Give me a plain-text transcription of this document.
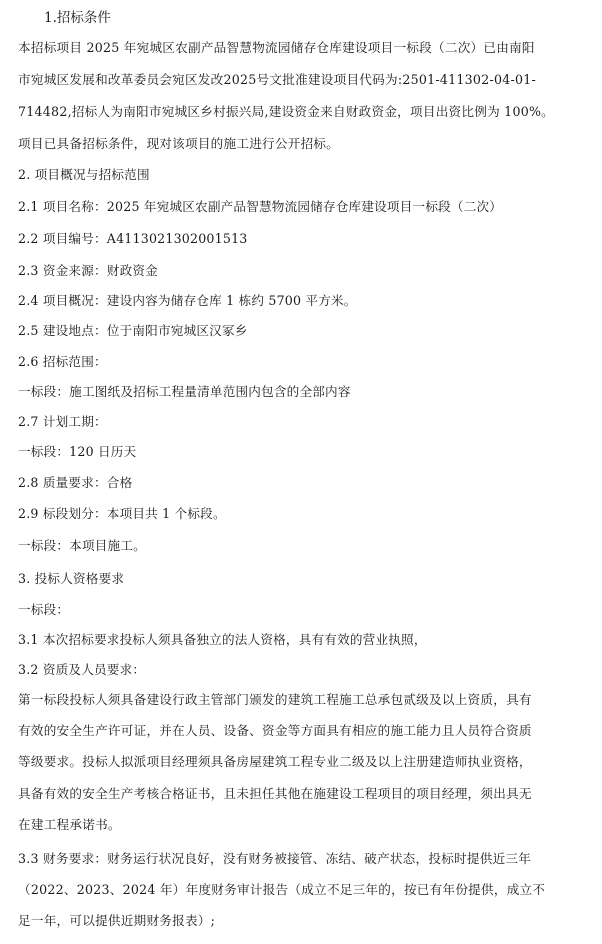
1.招标条件
本招标项目 2025 年宛城区农副产品智慧物流园储存仓库建设项目一标段（二次）已由南阳
市宛城区发展和改革委员会宛区发改2025号文批准建设项目代码为:2501-411302-04-01-
714482,招标人为南阳市宛城区乡村振兴局,建设资金来自财政资金，项目出资比例为 100%。
项目已具备招标条件，现对该项目的施工进行公开招标。
2. 项目概况与招标范围
2.1 项目名称：2025 年宛城区农副产品智慧物流园储存仓库建设项目一标段（二次）
2.2 项目编号：A4113021302001513
2.3 资金来源：财政资金
2.4 项目概况：建设内容为储存仓库 1 栋约 5700 平方米。
2.5 建设地点：位于南阳市宛城区汉冢乡
2.6 招标范围：
一标段：施工图纸及招标工程量清单范围内包含的全部内容
2.7 计划工期：
一标段：120 日历天
2.8 质量要求：合格
2.9 标段划分：本项目共 1 个标段。
一标段：本项目施工。
3. 投标人资格要求
一标段：
3.1 本次招标要求投标人须具备独立的法人资格，具有有效的营业执照，
3.2 资质及人员要求：
第一标段投标人须具备建设行政主管部门颁发的建筑工程施工总承包贰级及以上资质，具有
有效的安全生产许可证，并在人员、设备、资金等方面具有相应的施工能力且人员符合资质
等级要求。投标人拟派项目经理须具备房屋建筑工程专业二级及以上注册建造师执业资格，
具备有效的安全生产考核合格证书，且未担任其他在施建设工程项目的项目经理，须出具无
在建工程承诺书。
3.3 财务要求：财务运行状况良好，没有财务被接管、冻结、破产状态，投标时提供近三年
（2022、2023、2024 年）年度财务审计报告（成立不足三年的，按已有年份提供，成立不
足一年，可以提供近期财务报表）;
